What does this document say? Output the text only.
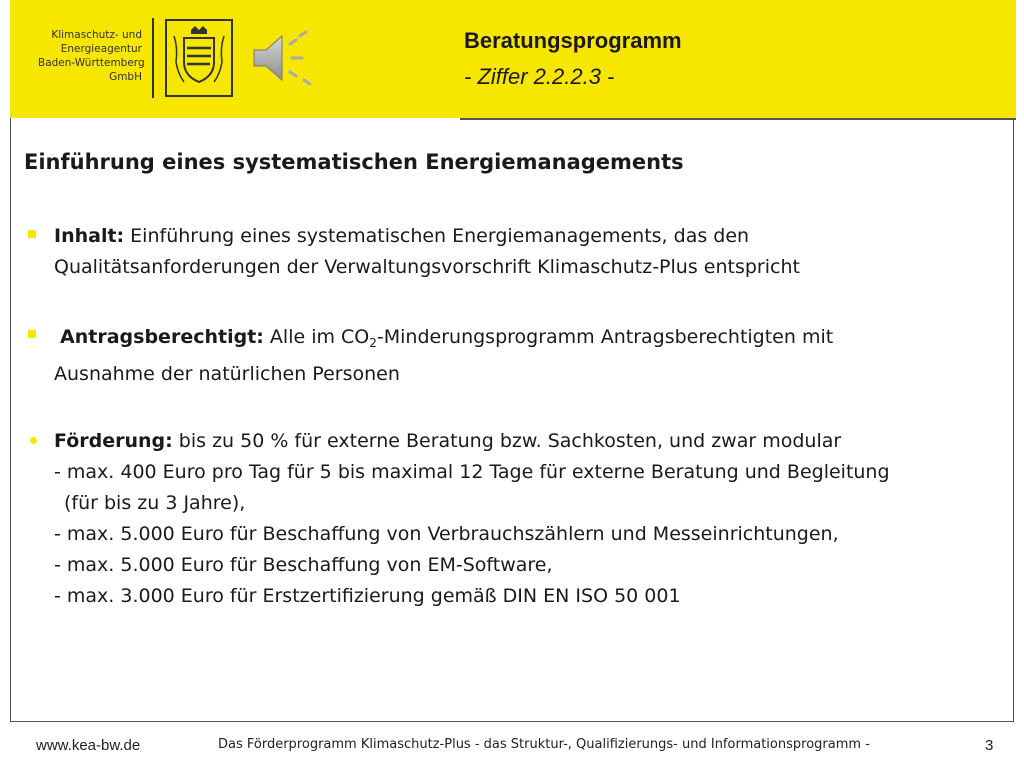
Klimaschutz- und
Energieagentur
Baden-Württemberg
GmbH
Beratungsprogramm
- Ziffer 2.2.2.3 -
Einführung eines systematischen Energiemanagements
Inhalt: Einführung eines systematischen Energiemanagements, das den
Qualitätsanforderungen der Verwaltungsvorschrift Klimaschutz-Plus entspricht
Antragsberechtigt: Alle im $CO_2$-Minderungsprogramm Antragsberechtigten mit
Ausnahme der natürlichen Personen
Förderung: bis zu 50 % für externe Beratung bzw. Sachkosten, und zwar modular
- max. 400 Euro pro Tag für 5 bis maximal 12 Tage für externe Beratung und Begleitung
(für bis zu 3 Jahre),
- max. 5.000 Euro für Beschaffung von Verbrauchszählern und Messeinrichtungen,
- max. 5.000 Euro für Beschaffung von EM-Software,
- max. 3.000 Euro für Erstzertifizierung gemäß DIN EN ISO 50 001
www.kea-bw.de	Das Förderprogramm Klimaschutz-Plus - das Struktur-, Qualifizierungs- und Informationsprogramm -	3
